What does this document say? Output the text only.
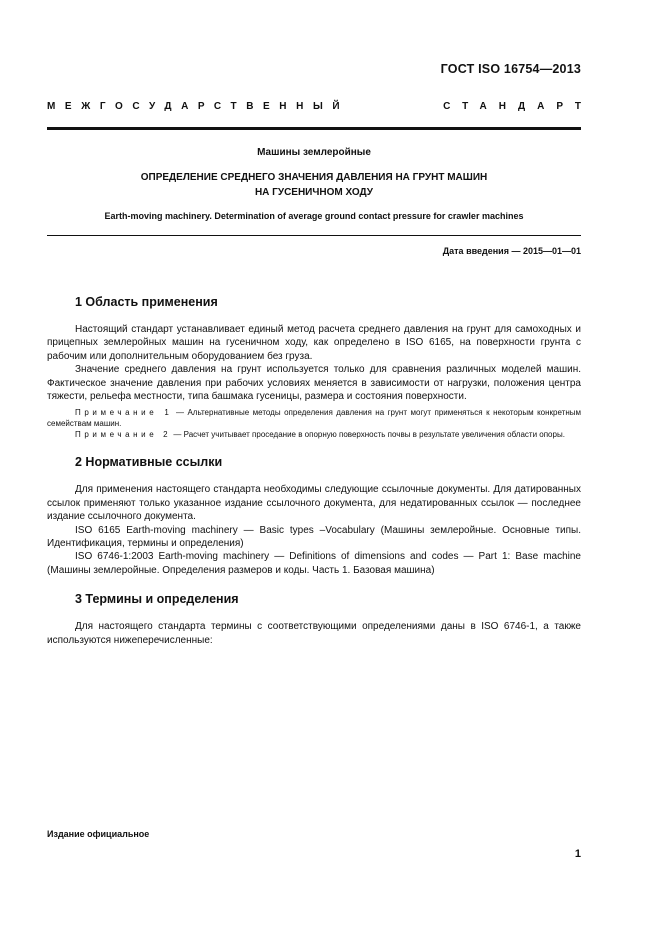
ГОСТ ISO 16754—2013
МЕЖГОСУДАРСТВЕННЫЙ	СТАНДАРТ
Машины землеройные
ОПРЕДЕЛЕНИЕ СРЕДНЕГО ЗНАЧЕНИЯ ДАВЛЕНИЯ НА ГРУНТ МАШИН
НА ГУСЕНИЧНОМ ХОДУ
Earth-moving machinery. Determination of average ground contact pressure for crawler machines
Дата введения — 2015—01—01
1 Область применения

Настоящий стандарт устанавливает единый метод расчета среднего давления на грунт для самоходных и прицепных землеройных машин на гусеничном ходу, как определено в ISO 6165, на поверхности грунта с рабочим или дополнительным оборудованием без груза.

Значение среднего давления на грунт используется только для сравнения различных моделей машин. Фактическое значение давления при рабочих условиях меняется в зависимости от нагрузки, положения центра тяжести, рельефа местности, типа башмака гусеницы, размера и состояния поверхности.

Примечание 1 — Альтернативные методы определения давления на грунт могут применяться к некоторым конкретным семействам машин.

Примечание 2 — Расчет учитывает проседание в опорную поверхность почвы в результате увеличения области опоры.

2 Нормативные ссылки

Для применения настоящего стандарта необходимы следующие ссылочные документы. Для датированных ссылок применяют только указанное издание ссылочного документа, для недатированных ссылок — последнее издание ссылочного документа.

ISO 6165 Earth-moving machinery — Basic types –Vocabulary (Машины землеройные. Основные типы. Идентификация, термины и определения)

ISO 6746-1:2003 Earth-moving machinery — Definitions of dimensions and codes — Part 1: Base machine (Машины землеройные. Определения размеров и коды. Часть 1. Базовая машина)

3 Термины и определения

Для настоящего стандарта термины с соответствующими определениями даны в ISO 6746-1, а также используются нижеперечисленные:

Издание официальное
1
